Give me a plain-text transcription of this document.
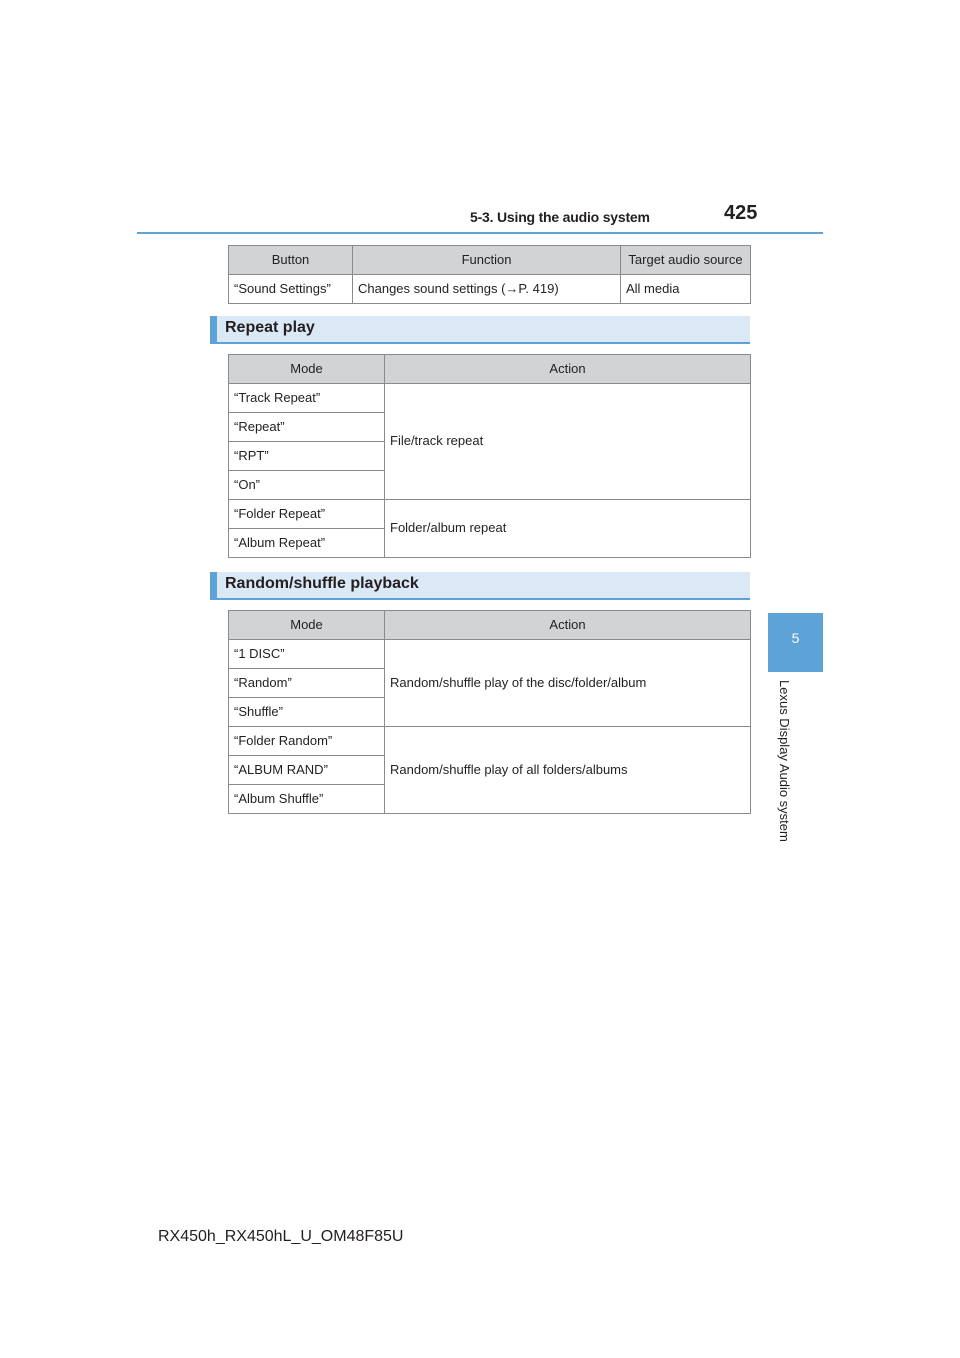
5-3. Using the audio system	425
5
Lexus Display Audio system
Button	Function	Target audio source
“Sound Settings”	Changes sound settings (→P. 419)	All media
Repeat play
Mode	Action
“Track Repeat”	File/track repeat
“Repeat”	
“RPT”	
“On”	
“Folder Repeat”	Folder/album repeat
“Album Repeat”	
Random/shuffle playback
Mode	Action
“1 DISC”	Random/shuffle play of the disc/folder/album
“Random”	
“Shuffle”	
“Folder Random”	Random/shuffle play of all folders/albums
“ALBUM RAND”	
“Album Shuffle”	
RX450h_RX450hL_U_OM48F85U
